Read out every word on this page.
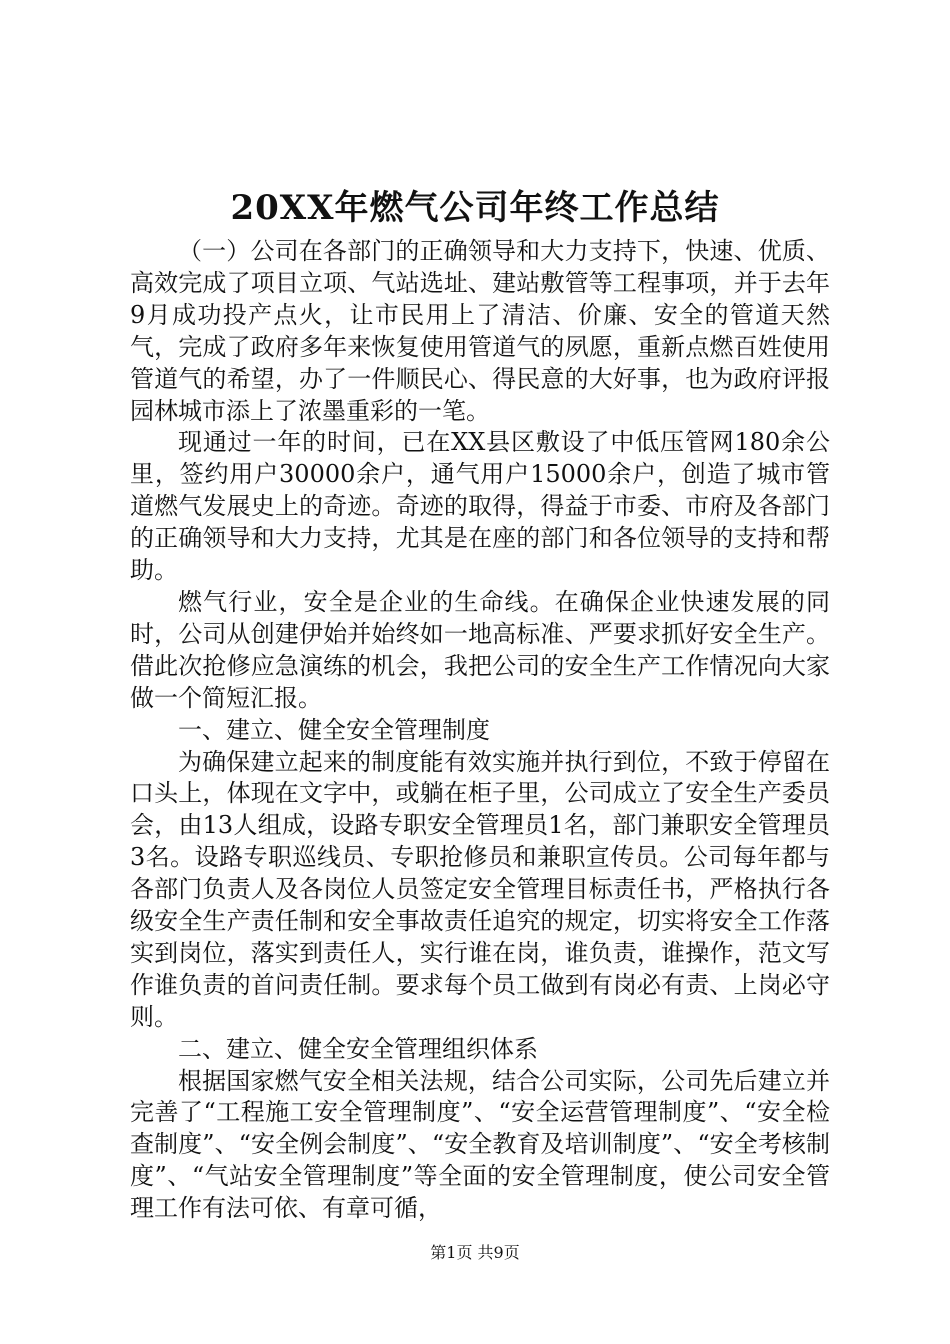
20XX年燃气公司年终工作总结

（一）公司在各部门的正确领导和大力支持下，快速、优质、高效完成了项目立项、气站选址、建站敷管等工程事项，并于去年9月成功投产点火，让市民用上了清洁、价廉、安全的管道天然气，完成了政府多年来恢复使用管道气的夙愿，重新点燃百姓使用管道气的希望，办了一件顺民心、得民意的大好事，也为政府评报园林城市添上了浓墨重彩的一笔。

现通过一年的时间，已在XX县区敷设了中低压管网180余公里，签约用户30000余户，通气用户15000余户，创造了城市管道燃气发展史上的奇迹。奇迹的取得，得益于市委、市府及各部门的正确领导和大力支持，尤其是在座的部门和各位领导的支持和帮助。

燃气行业，安全是企业的生命线。在确保企业快速发展的同时，公司从创建伊始并始终如一地高标准、严要求抓好安全生产。借此次抢修应急演练的机会，我把公司的安全生产工作情况向大家做一个简短汇报。

一、建立、健全安全管理制度

为确保建立起来的制度能有效实施并执行到位，不致于停留在口头上，体现在文字中，或躺在柜子里，公司成立了安全生产委员会，由13人组成，设路专职安全管理员1名，部门兼职安全管理员3名。设路专职巡线员、专职抢修员和兼职宣传员。公司每年都与各部门负责人及各岗位人员签定安全管理目标责任书，严格执行各级安全生产责任制和安全事故责任追究的规定，切实将安全工作落实到岗位，落实到责任人，实行谁在岗，谁负责，谁操作，范文写作谁负责的首问责任制。要求每个员工做到有岗必有责、上岗必守则。

二、建立、健全安全管理组织体系

根据国家燃气安全相关法规，结合公司实际，公司先后建立并完善了“工程施工安全管理制度”、“安全运营管理制度”、“安全检查制度”、“安全例会制度”、“安全教育及培训制度”、“安全考核制度”、“气站安全管理制度”等全面的安全管理制度，使公司安全管理工作有法可依、有章可循，

第1页 共9页
